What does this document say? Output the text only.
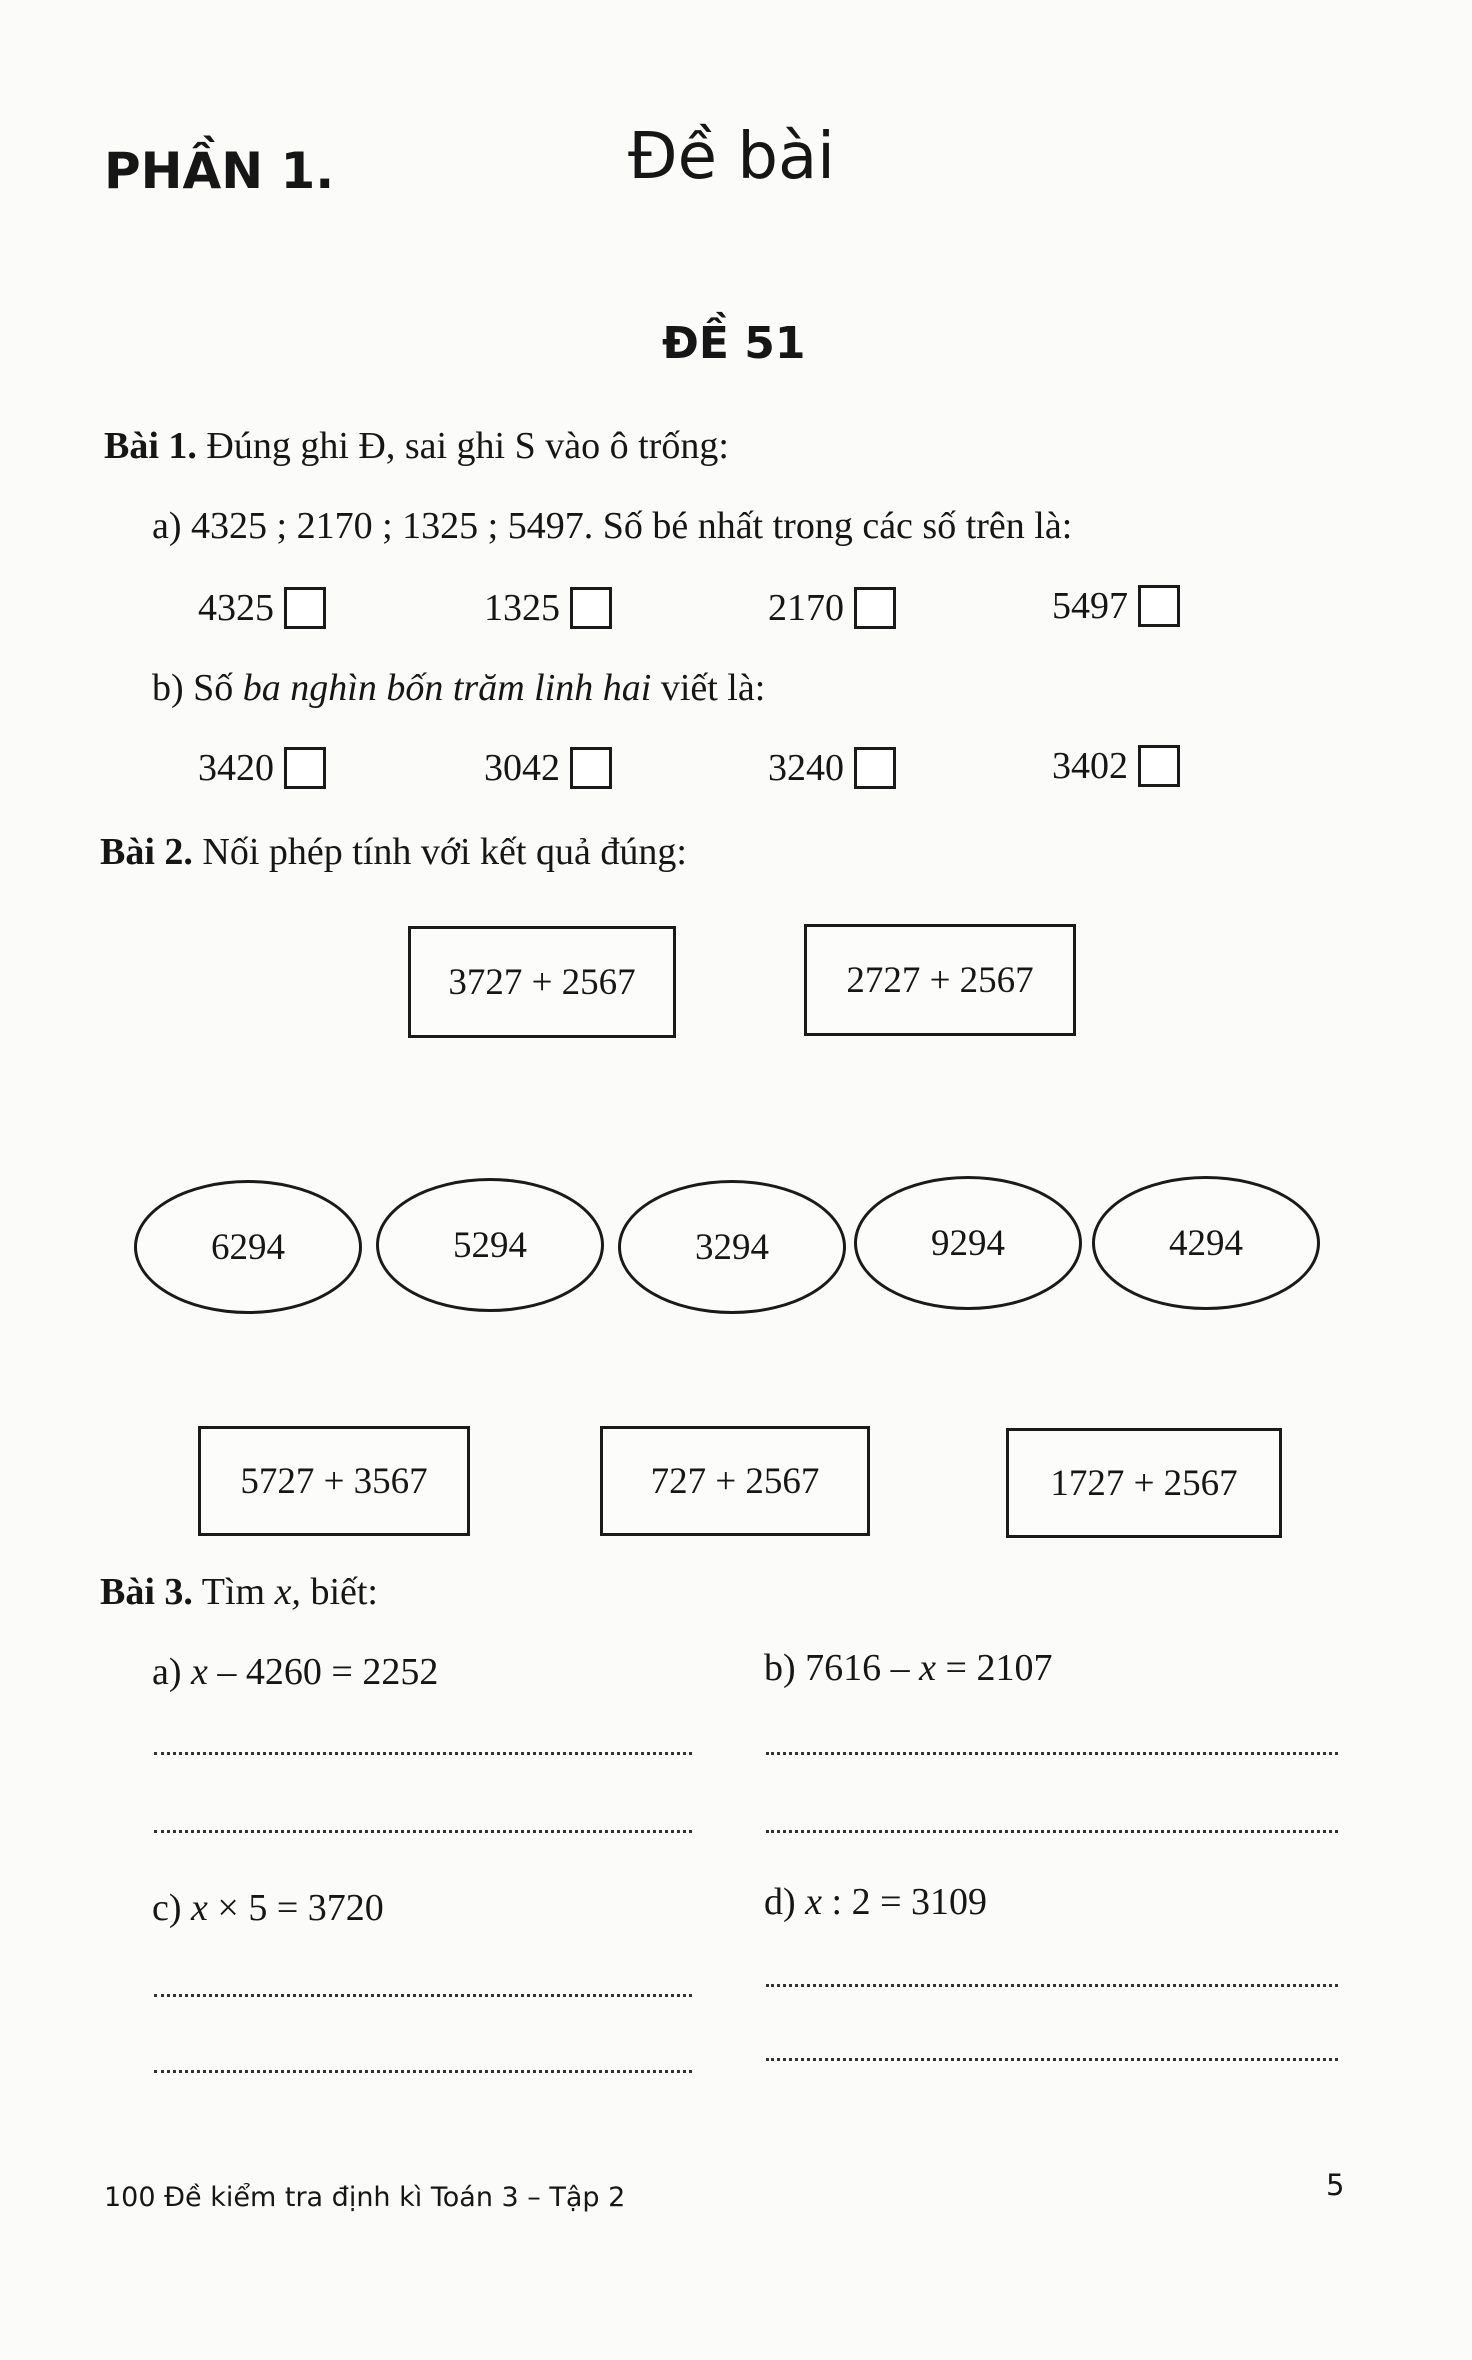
PHẦN 1.	Đề bài
ĐỀ 51
Bài 1. Đúng ghi Đ, sai ghi S vào ô trống:
a) 4325 ; 2170 ; 1325 ; 5497. Số bé nhất trong các số trên là:
4325	1325	2170	5497
b) Số ba nghìn bốn trăm linh hai viết là:
3420	3042	3240	3402
Bài 2. Nối phép tính với kết quả đúng:
3727 + 2567	2727 + 2567
6294	5294	3294	9294	4294
5727 + 3567	727 + 2567	1727 + 2567
Bài 3. Tìm x, biết:
a) x – 4260 = 2252	b) 7616 – x = 2107
c) x × 5 = 3720	d) x : 2 = 3109
100 Đề kiểm tra định kì Toán 3 – Tập 2	5
